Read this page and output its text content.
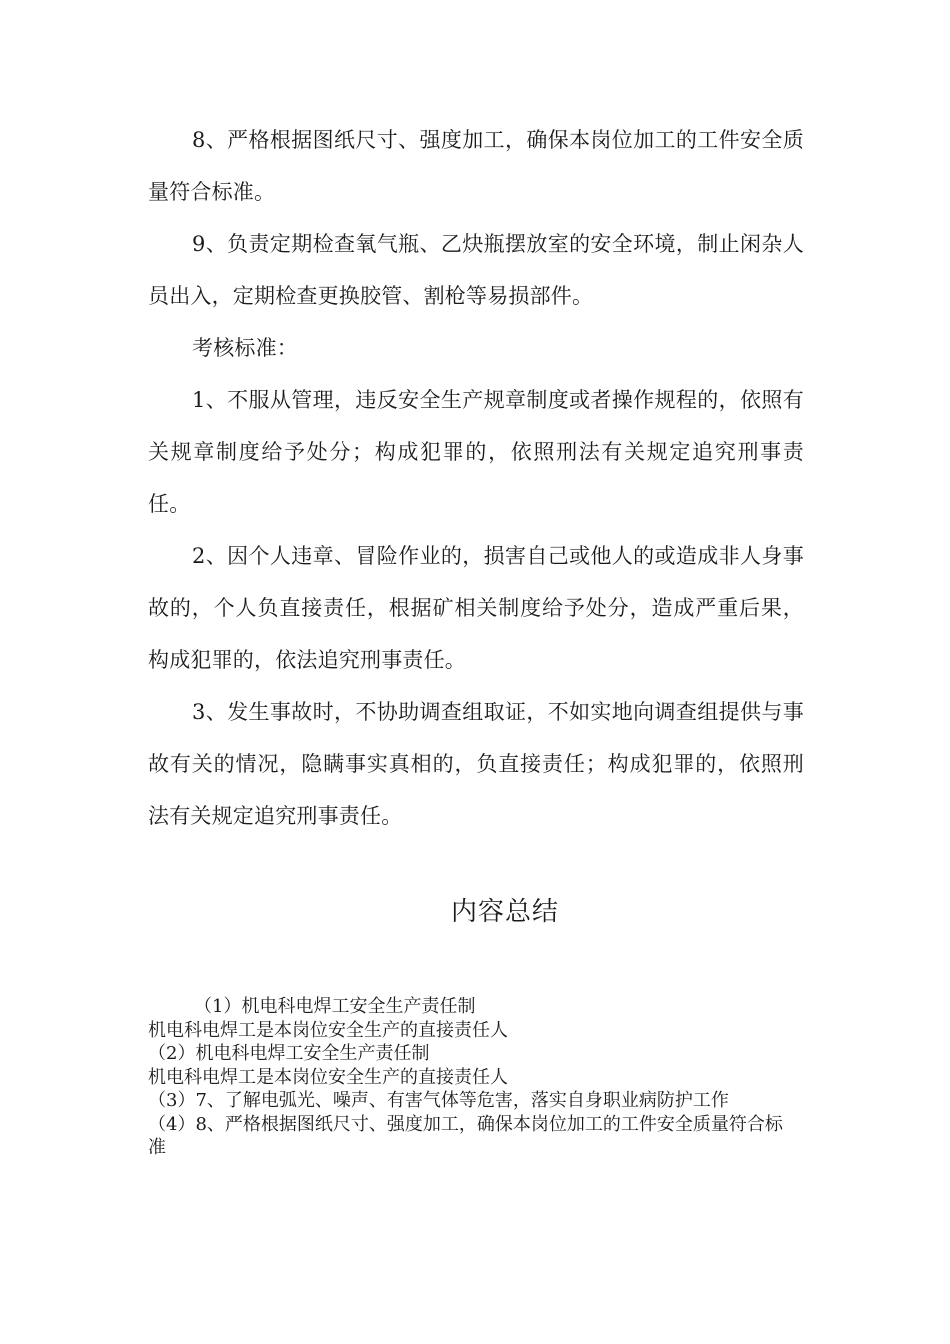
8、严格根据图纸尺寸、强度加工，确保本岗位加工的工件安全质量符合标准。

9、负责定期检查氧气瓶、乙炔瓶摆放室的安全环境，制止闲杂人员出入，定期检查更换胶管、割枪等易损部件。

考核标准：

1、不服从管理，违反安全生产规章制度或者操作规程的，依照有关规章制度给予处分；构成犯罪的，依照刑法有关规定追究刑事责任。

2、因个人违章、冒险作业的，损害自己或他人的或造成非人身事故的，个人负直接责任，根据矿相关制度给予处分，造成严重后果，构成犯罪的，依法追究刑事责任。

3、发生事故时，不协助调查组取证，不如实地向调查组提供与事故有关的情况，隐瞒事实真相的，负直接责任；构成犯罪的，依照刑法有关规定追究刑事责任。

内容总结

（1）机电科电焊工安全生产责任制

机电科电焊工是本岗位安全生产的直接责任人

（2）机电科电焊工安全生产责任制

机电科电焊工是本岗位安全生产的直接责任人

（3）7、了解电弧光、噪声、有害气体等危害，落实自身职业病防护工作

（4）8、严格根据图纸尺寸、强度加工，确保本岗位加工的工件安全质量符合标准
